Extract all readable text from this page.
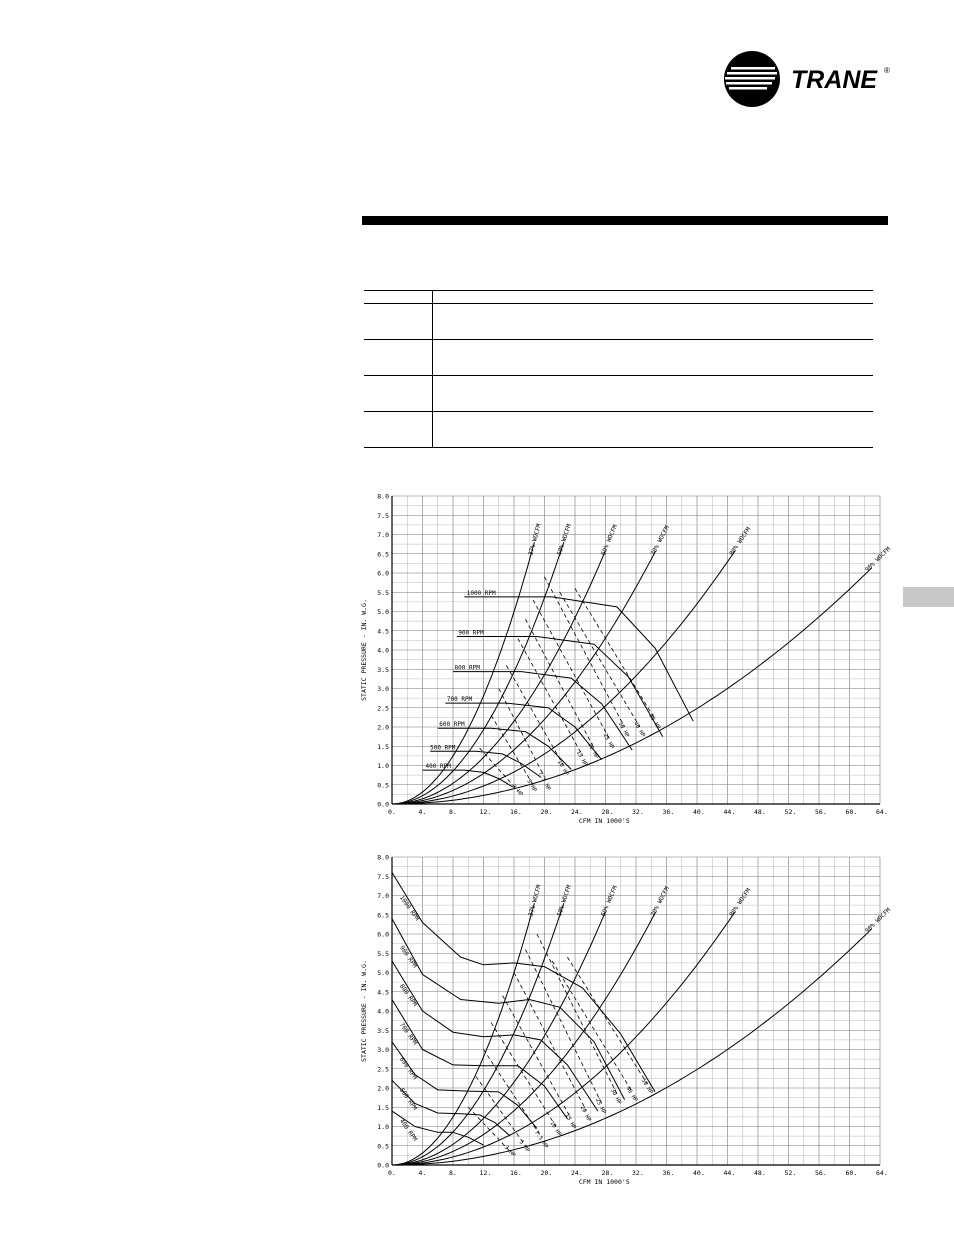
TRANE ®

0.	4.	8.	12.	16.	20.	24.	28.	32.	36.	40.	44.	48.	52.	56.	60.	64.
0.0
0.5
1.0
1.5
2.0
2.5
3.0
3.5
4.0
4.5
5.0
5.5
6.0
6.5
7.0
7.5
8.0
CFM IN 1000'S
STATIC PRESSURE - IN. W.G.
3 HP 5 HP 7.5 HP
10 HP
15 HP
20 HP
25 HP
30 HP 40 HP 50 HP
37% WOCFM 50% WOCFM	60% WOCFM	70% WOCFM	80% WOCFM
90% WOCFM
400 RPM
500 RPM
600 RPM
700 RPM
800 RPM
900 RPM
1000 RPM
0.	4.	8.	12.	16.	20.	24.	28.	32.	36.	40.	44.	48.	52.	56.	60.	64.
0.0
0.5
1.0
1.5
2.0
2.5
3.0
3.5
4.0
4.5
5.0
5.5
6.0
6.5
7.0
7.5
8.0
CFM IN 1000'S
STATIC PRESSURE - IN. W.G.
3 HP 5 HP 7.5 HP
10 HP 15 HP 20 HP 25 HP
30 HP 40 HP 50 HP
37% WOCFM 50% WOCFM	60% WOCFM	70% WOCFM	80% WOCFM
90% WOCFM
400 RPM
500 RPM
600 RPM
700 RPM
800 RPM
900 RPM
1000 RPM
